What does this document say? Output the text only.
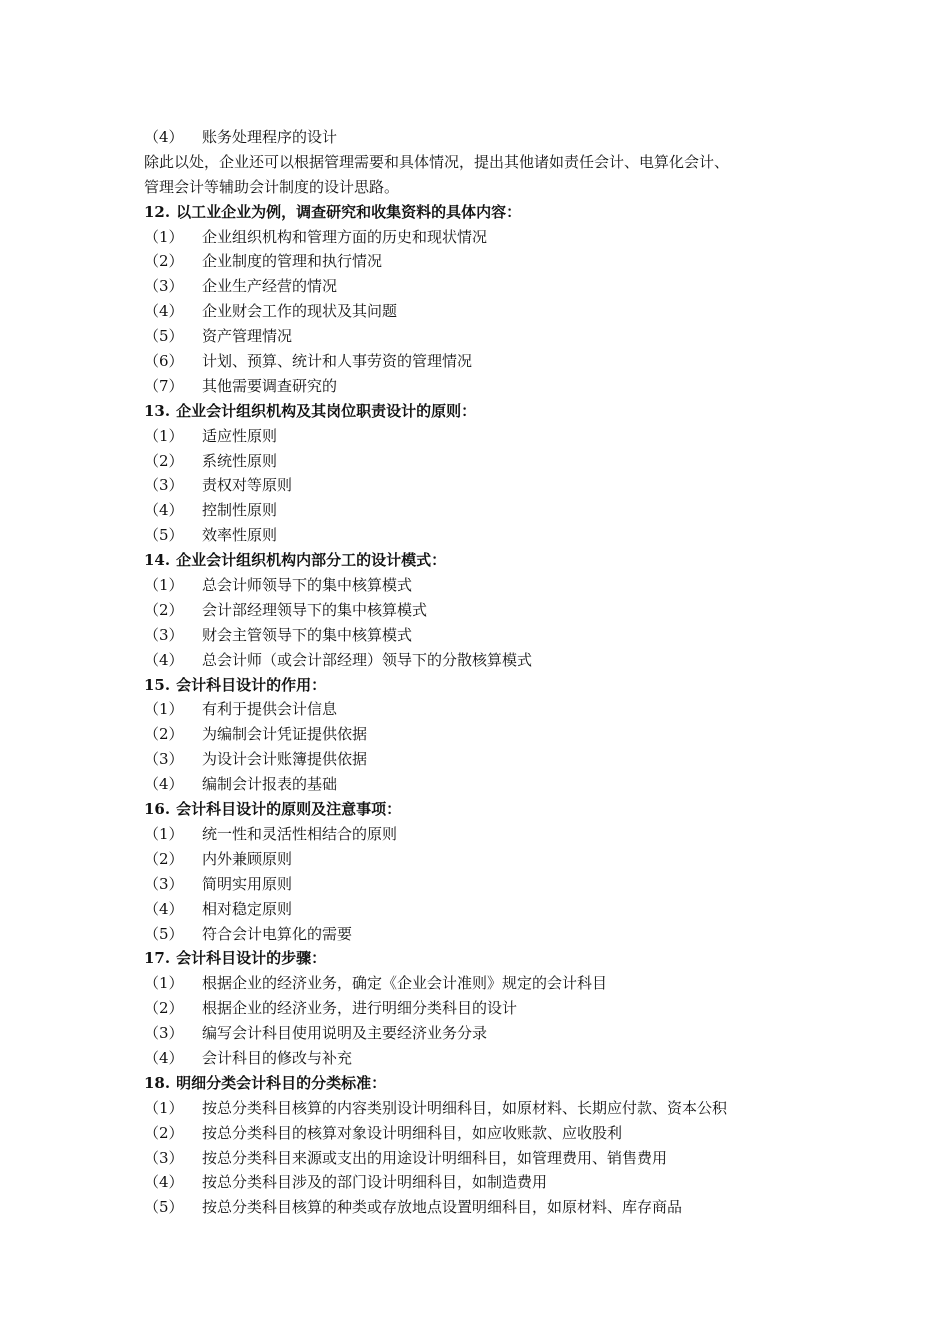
（4）	账务处理程序的设计
除此以处，企业还可以根据管理需要和具体情况，提出其他诸如责任会计、电算化会计、
管理会计等辅助会计制度的设计思路。
12. 以工业企业为例，调查研究和收集资料的具体内容：
（1）	企业组织机构和管理方面的历史和现状情况
（2）	企业制度的管理和执行情况
（3）	企业生产经营的情况
（4）	企业财会工作的现状及其问题
（5）	资产管理情况
（6）	计划、预算、统计和人事劳资的管理情况
（7）	其他需要调查研究的
13. 企业会计组织机构及其岗位职责设计的原则：
（1）	适应性原则
（2）	系统性原则
（3）	责权对等原则
（4）	控制性原则
（5）	效率性原则
14. 企业会计组织机构内部分工的设计模式：
（1）	总会计师领导下的集中核算模式
（2）	会计部经理领导下的集中核算模式
（3）	财会主管领导下的集中核算模式
（4）	总会计师（或会计部经理）领导下的分散核算模式
15. 会计科目设计的作用：
（1）	有利于提供会计信息
（2）	为编制会计凭证提供依据
（3）	为设计会计账簿提供依据
（4）	编制会计报表的基础
16. 会计科目设计的原则及注意事项：
（1）	统一性和灵活性相结合的原则
（2）	内外兼顾原则
（3）	简明实用原则
（4）	相对稳定原则
（5）	符合会计电算化的需要
17. 会计科目设计的步骤：
（1）	根据企业的经济业务，确定《企业会计准则》规定的会计科目
（2）	根据企业的经济业务，进行明细分类科目的设计
（3）	编写会计科目使用说明及主要经济业务分录
（4）	会计科目的修改与补充
18. 明细分类会计科目的分类标准：
（1）	按总分类科目核算的内容类别设计明细科目，如原材料、长期应付款、资本公积
（2）	按总分类科目的核算对象设计明细科目，如应收账款、应收股利
（3）	按总分类科目来源或支出的用途设计明细科目，如管理费用、销售费用
（4）	按总分类科目涉及的部门设计明细科目，如制造费用
（5）	按总分类科目核算的种类或存放地点设置明细科目，如原材料、库存商品
